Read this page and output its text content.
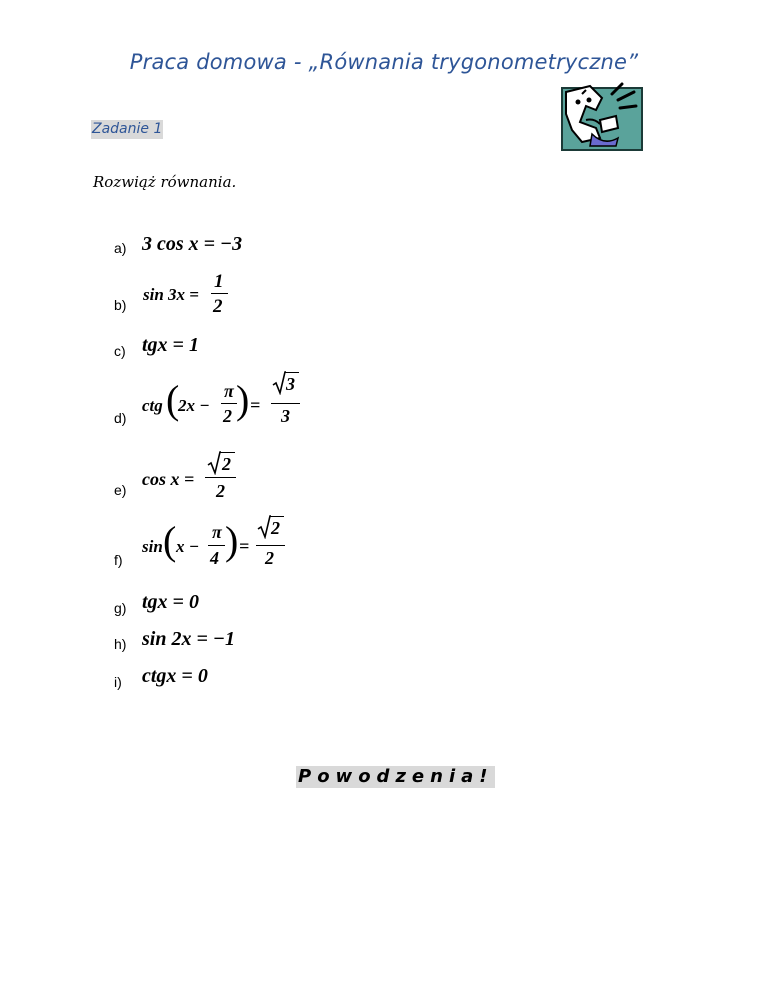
Praca domowa - „Równania trygonometryczne”
Zadanie 1
Rozwiąż równania.
a) 3 cos x = −3
b)
sin 3x =
1
2
c) tgx = 1
d)
ctg (
2x −
π
2 ) =
3
3
e)
cos x =
2
2
f)
sin ( x −
π
4 ) =
2
2
g) tgx = 0
h) sin 2x = −1
i) ctgx = 0
Powodzenia!
